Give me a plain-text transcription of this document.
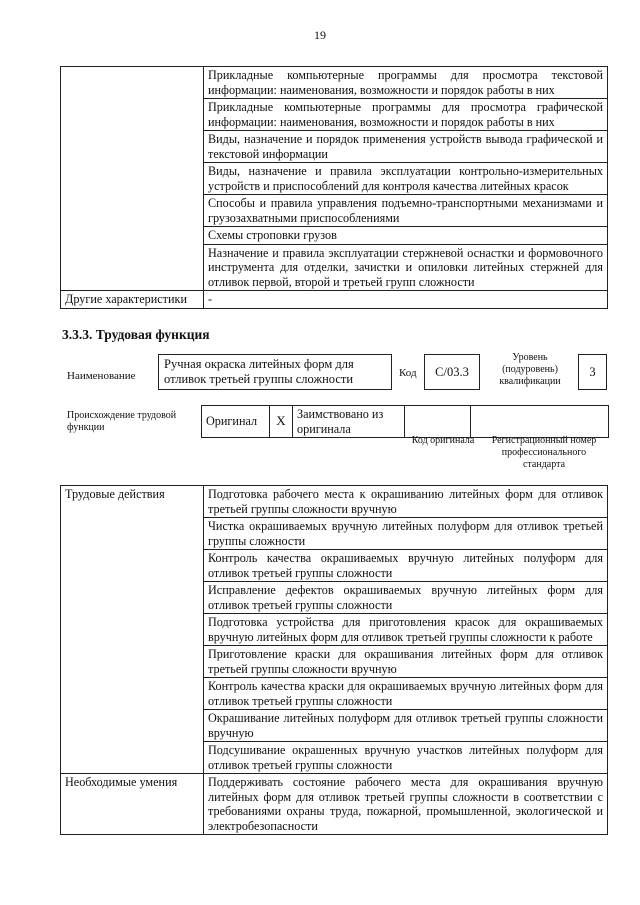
19
	Прикладные компьютерные программы для просмотра текстовой информации: наименования, возможности и порядок работы в них
	Прикладные компьютерные программы для просмотра графической информации: наименования, возможности и порядок работы в них
	Виды, назначение и порядок применения устройств вывода графической и текстовой информации
	Виды, назначение и правила эксплуатации контрольно-измерительных устройств и приспособлений для контроля качества литейных красок
	Способы и правила управления подъемно-транспортными механизмами и грузозахватными приспособлениями
	Схемы строповки грузов
	Назначение и правила эксплуатации стержневой оснастки и формовочного инструмента для отделки, зачистки и опиловки литейных стержней для отливок первой, второй и третьей групп сложности
Другие характеристики	-
3.3.3. Трудовая функция
Наименование
Ручная окраска литейных форм для отливок третьей группы сложности	Код	C/03.3
Уровень (подуровень) квалификации
3
Происхождение трудовой функции	Оригинал	X	Заимствовано из оригинала		
Код оригинала	Регистрационный номер профессионального стандарта
Трудовые действия	Подготовка рабочего места к окрашиванию литейных форм для отливок третьей группы сложности вручную
	Чистка окрашиваемых вручную литейных полуформ для отливок третьей группы сложности
	Контроль качества окрашиваемых вручную литейных полуформ для отливок третьей группы сложности
	Исправление дефектов окрашиваемых вручную литейных форм для отливок третьей группы сложности
	Подготовка устройства для приготовления красок для окрашиваемых вручную литейных форм для отливок третьей группы сложности к работе
	Приготовление краски для окрашивания литейных форм для отливок третьей группы сложности вручную
	Контроль качества краски для окрашиваемых вручную литейных форм для отливок третьей группы сложности
	Окрашивание литейных полуформ для отливок третьей группы сложности вручную
	Подсушивание окрашенных вручную участков литейных полуформ для отливок третьей группы сложности
Необходимые умения	Поддерживать состояние рабочего места для окрашивания вручную литейных форм для отливок третьей группы сложности в соответствии с требованиями охраны труда, пожарной, промышленной, экологической и электробезопасности
